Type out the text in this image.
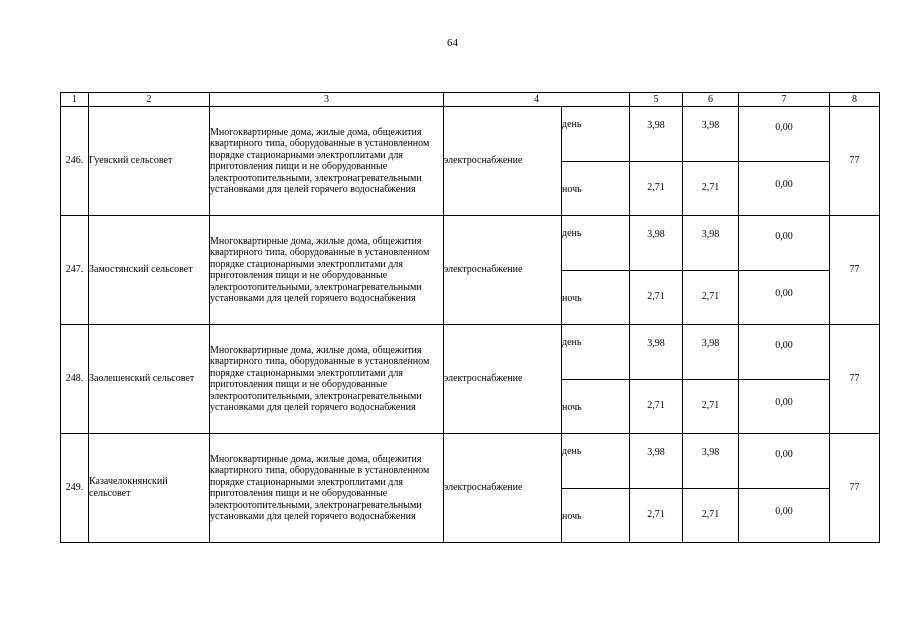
64
1	2	3	4		5	6	7	8
246.	Гуевский сельсовет	Многоквартирные дома, жилые дома, общежития квартирного типа, оборудованные в установленном порядке стационарными электроплитами для приготовления пищи и не оборудованные электроотопительными, электронагревательными установками для целей горячего водоснабжения	электроснабжение	день	3,98	3,98	0,00	77
				ночь	2,71	2,71	0,00	
247.	Замостянский сельсовет	Многоквартирные дома, жилые дома, общежития квартирного типа, оборудованные в установленном порядке стационарными электроплитами для приготовления пищи и не оборудованные электроотопительными, электронагревательными установками для целей горячего водоснабжения	электроснабжение	день	3,98	3,98	0,00	77
				ночь	2,71	2,71	0,00	
248.	Заолешенский сельсовет	Многоквартирные дома, жилые дома, общежития квартирного типа, оборудованные в установленном порядке стационарными электроплитами для приготовления пищи и не оборудованные электроотопительными, электронагревательными установками для целей горячего водоснабжения	электроснабжение	день	3,98	3,98	0,00	77
				ночь	2,71	2,71	0,00	
249.	Казачелокнянский сельсовет	Многоквартирные дома, жилые дома, общежития квартирного типа, оборудованные в установленном порядке стационарными электроплитами для приготовления пищи и не оборудованные электроотопительными, электронагревательными установками для целей горячего водоснабжения	электроснабжение	день	3,98	3,98	0,00	77
				ночь	2,71	2,71	0,00	
